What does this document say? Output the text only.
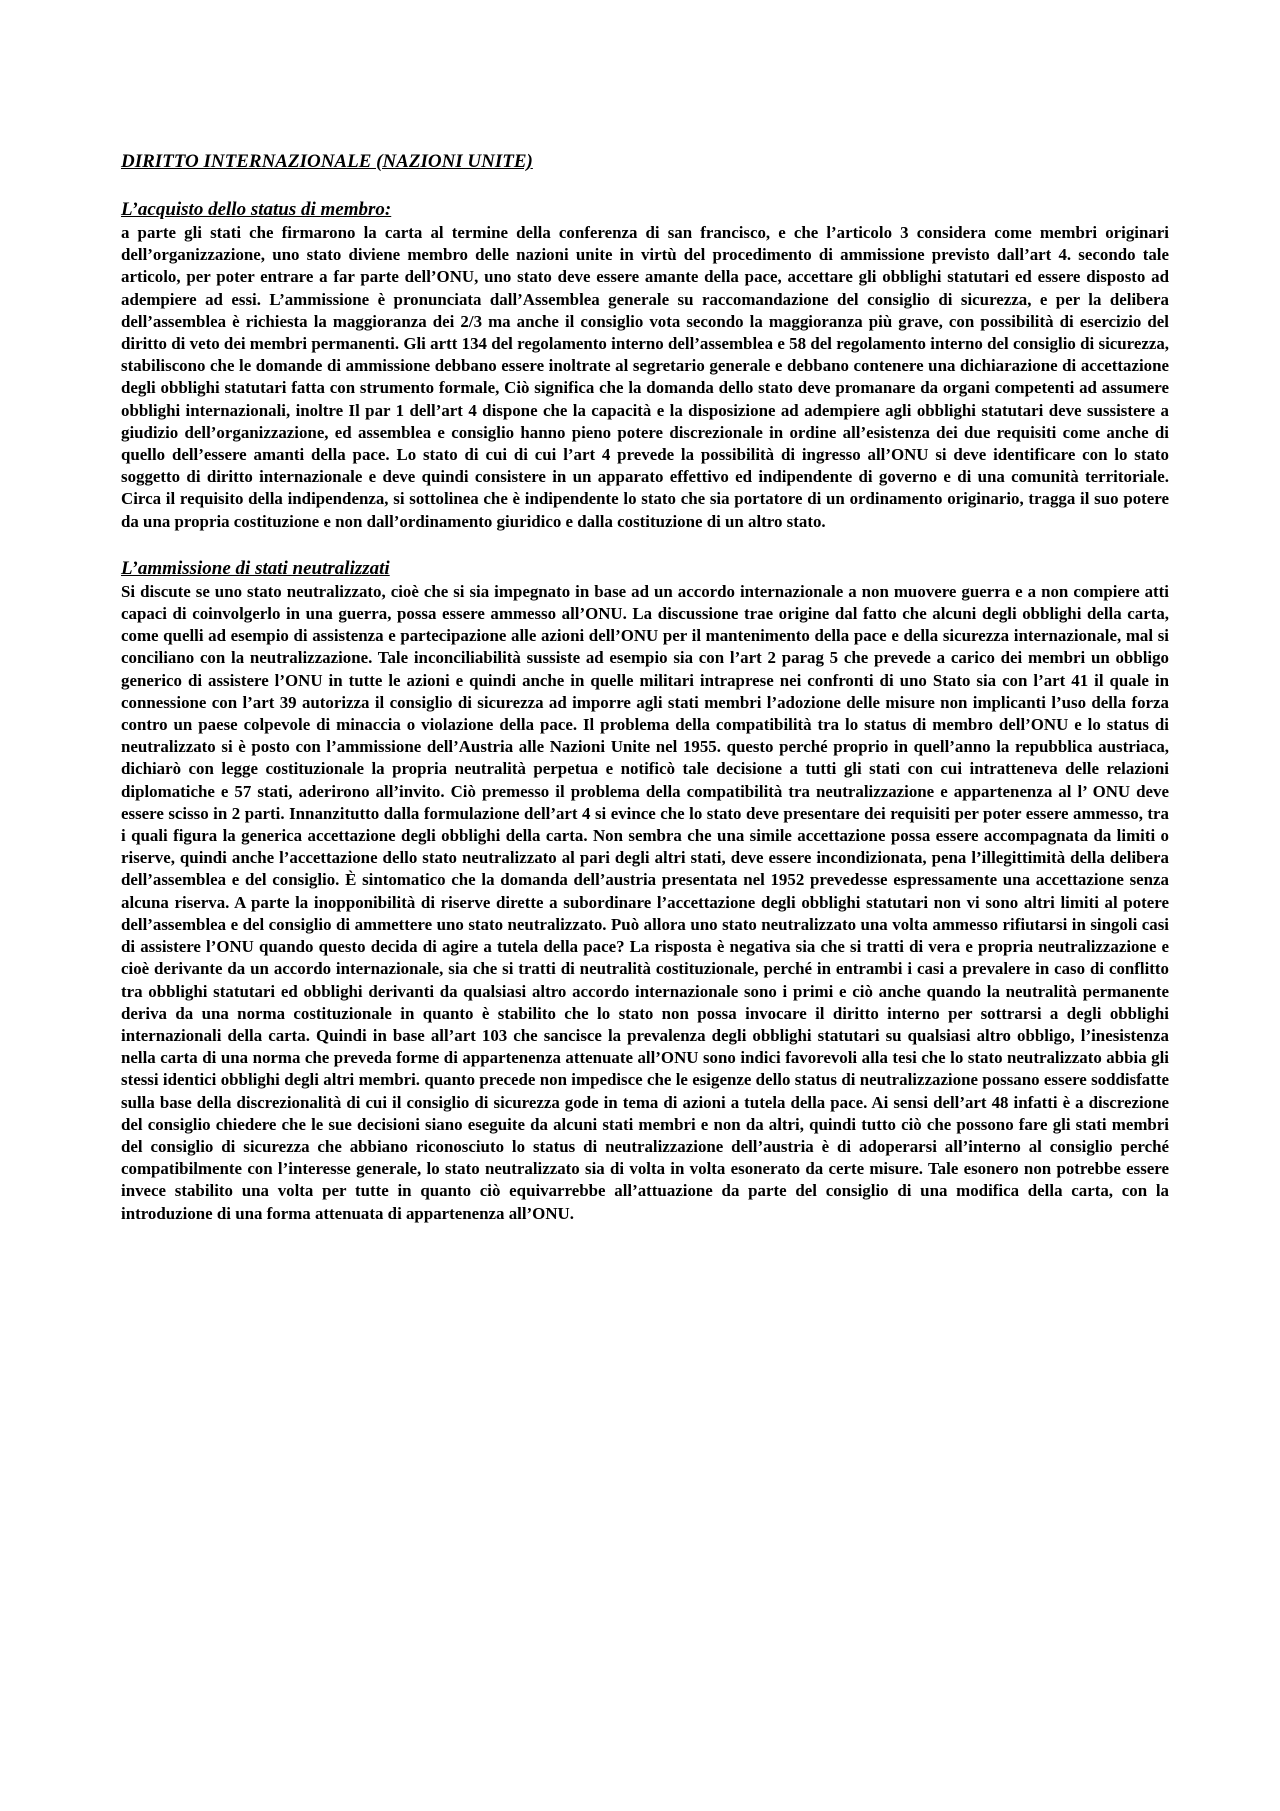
DIRITTO INTERNAZIONALE (NAZIONI UNITE)
L’acquisto dello status di membro:

a parte gli stati che firmarono la carta al termine della conferenza di san francisco, e che l’articolo 3 considera come membri originari dell’organizzazione, uno stato diviene membro delle nazioni unite in virtù del procedimento di ammissione previsto dall’art 4. secondo tale articolo, per poter entrare a far parte dell’ONU, uno stato deve essere amante della pace, accettare gli obblighi statutari ed essere disposto ad adempiere ad essi. L’ammissione è pronunciata dall’Assemblea generale su raccomandazione del consiglio di sicurezza, e per la delibera dell’assemblea è richiesta la maggioranza dei 2/3 ma anche il consiglio vota secondo la maggioranza più grave, con possibilità di esercizio del diritto di veto dei membri permanenti. Gli artt 134 del regolamento interno dell’assemblea e 58 del regolamento interno del consiglio di sicurezza, stabiliscono che le domande di ammissione debbano essere inoltrate al segretario generale e debbano contenere una dichiarazione di accettazione degli obblighi statutari fatta con strumento formale, Ciò significa che la domanda dello stato deve promanare da organi competenti ad assumere obblighi internazionali, inoltre Il par 1 dell’art 4 dispone che la capacità e la disposizione ad adempiere agli obblighi statutari deve sussistere a giudizio dell’organizzazione, ed assemblea e consiglio hanno pieno potere discrezionale in ordine all’esistenza dei due requisiti come anche di quello dell’essere amanti della pace. Lo stato di cui di cui l’art 4 prevede la possibilità di ingresso all’ONU si deve identificare con lo stato soggetto di diritto internazionale e deve quindi consistere in un apparato effettivo ed indipendente di governo e di una comunità territoriale. Circa il requisito della indipendenza, si sottolinea che è indipendente lo stato che sia portatore di un ordinamento originario, tragga il suo potere da una propria costituzione e non dall’ordinamento giuridico e dalla costituzione di un altro stato.

L’ammissione di stati neutralizzati

Si discute se uno stato neutralizzato, cioè che si sia impegnato in base ad un accordo internazionale a non muovere guerra e a non compiere atti capaci di coinvolgerlo in una guerra, possa essere ammesso all’ONU. La discussione trae origine dal fatto che alcuni degli obblighi della carta, come quelli ad esempio di assistenza e partecipazione alle azioni dell’ONU per il mantenimento della pace e della sicurezza internazionale, mal si conciliano con la neutralizzazione. Tale inconciliabilità sussiste ad esempio sia con l’art 2 parag 5 che prevede a carico dei membri un obbligo generico di assistere l’ONU in tutte le azioni e quindi anche in quelle militari intraprese nei confronti di uno Stato sia con l’art 41 il quale in connessione con l’art 39 autorizza il consiglio di sicurezza ad imporre agli stati membri l’adozione delle misure non implicanti l’uso della forza contro un paese colpevole di minaccia o violazione della pace. Il problema della compatibilità tra lo status di membro dell’ONU e lo status di neutralizzato si è posto con l’ammissione dell’Austria alle Nazioni Unite nel 1955. questo perché proprio in quell’anno la repubblica austriaca, dichiarò con legge costituzionale la propria neutralità perpetua e notificò tale decisione a tutti gli stati con cui intratteneva delle relazioni diplomatiche e 57 stati, aderirono all’invito. Ciò premesso il problema della compatibilità tra neutralizzazione e appartenenza al l’ ONU deve essere scisso in 2 parti. Innanzitutto dalla formulazione dell’art 4 si evince che lo stato deve presentare dei requisiti per poter essere ammesso, tra i quali figura la generica accettazione degli obblighi della carta. Non sembra che una simile accettazione possa essere accompagnata da limiti o riserve, quindi anche l’accettazione dello stato neutralizzato al pari degli altri stati, deve essere incondizionata, pena l’illegittimità della delibera dell’assemblea e del consiglio. È sintomatico che la domanda dell’austria presentata nel 1952 prevedesse espressamente una accettazione senza alcuna riserva. A parte la inopponibilità di riserve dirette a subordinare l’accettazione degli obblighi statutari non vi sono altri limiti al potere dell’assemblea e del consiglio di ammettere uno stato neutralizzato. Può allora uno stato neutralizzato una volta ammesso rifiutarsi in singoli casi di assistere l’ONU quando questo decida di agire a tutela della pace? La risposta è negativa sia che si tratti di vera e propria neutralizzazione e cioè derivante da un accordo internazionale, sia che si tratti di neutralità costituzionale, perché in entrambi i casi a prevalere in caso di conflitto tra obblighi statutari ed obblighi derivanti da qualsiasi altro accordo internazionale sono i primi e ciò anche quando la neutralità permanente deriva da una norma costituzionale in quanto è stabilito che lo stato non possa invocare il diritto interno per sottrarsi a degli obblighi internazionali della carta. Quindi in base all’art 103 che sancisce la prevalenza degli obblighi statutari su qualsiasi altro obbligo, l’inesistenza nella carta di una norma che preveda forme di appartenenza attenuate all’ONU sono indici favorevoli alla tesi che lo stato neutralizzato abbia gli stessi identici obblighi degli altri membri. quanto precede non impedisce che le esigenze dello status di neutralizzazione possano essere soddisfatte sulla base della discrezionalità di cui il consiglio di sicurezza gode in tema di azioni a tutela della pace. Ai sensi dell’art 48 infatti è a discrezione del consiglio chiedere che le sue decisioni siano eseguite da alcuni stati membri e non da altri, quindi tutto ciò che possono fare gli stati membri del consiglio di sicurezza che abbiano riconosciuto lo status di neutralizzazione dell’austria è di adoperarsi all’interno al consiglio perché compatibilmente con l’interesse generale, lo stato neutralizzato sia di volta in volta esonerato da certe misure. Tale esonero non potrebbe essere invece stabilito una volta per tutte in quanto ciò equivarrebbe all’attuazione da parte del consiglio di una modifica della carta, con la introduzione di una forma attenuata di appartenenza all’ONU.
